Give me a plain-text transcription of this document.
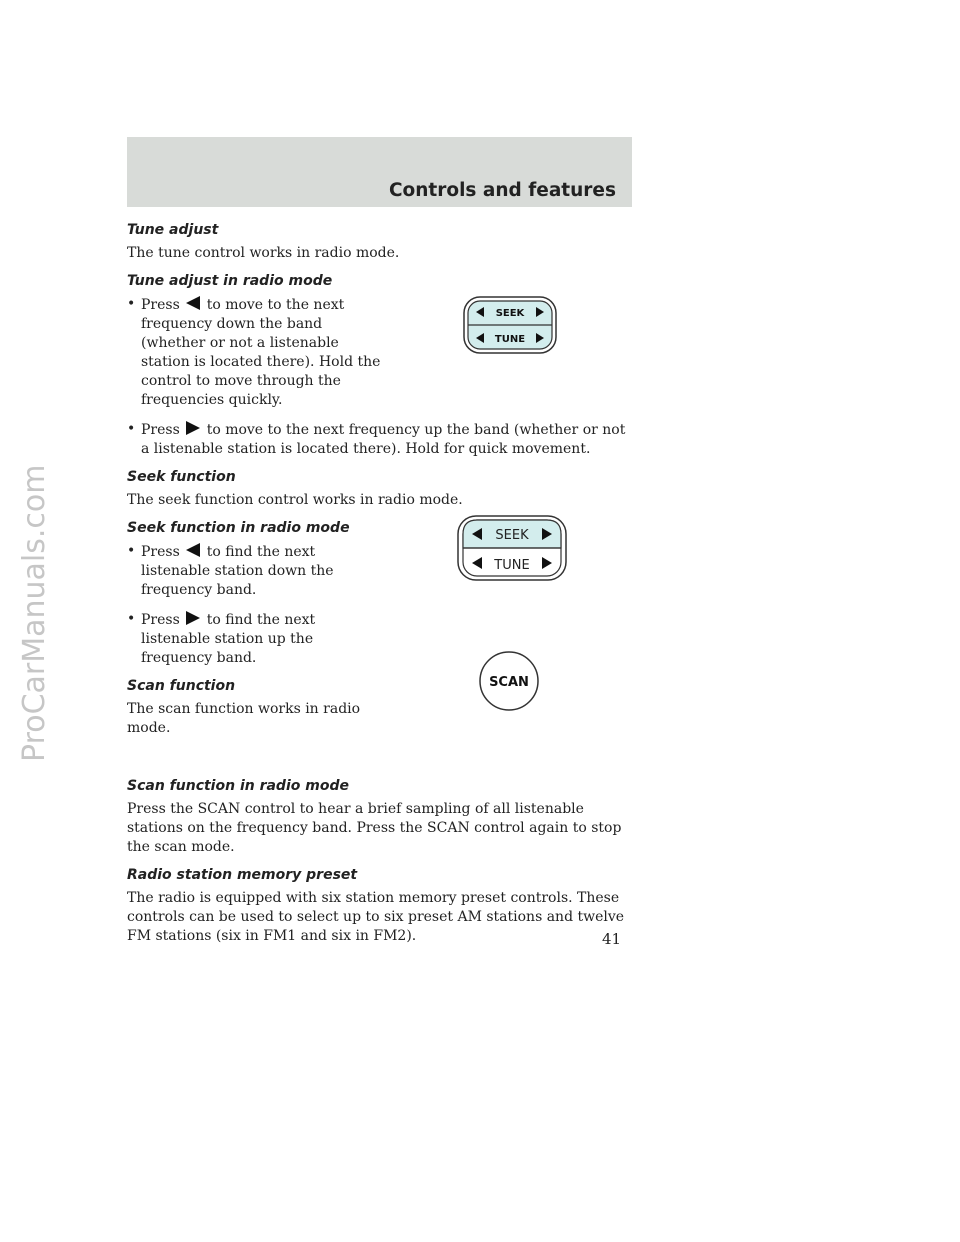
ProCarManuals.com
Controls and features
Tune adjust

The tune control works in radio mode.

Tune adjust in radio mode
• Press to move to the next frequency down the band (whether or not a listenable station is located there). Hold the control to move through the frequencies quickly.
• Press to move to the next frequency up the band (whether or not a listenable station is located there). Hold for quick movement.
Seek function

The seek function control works in radio mode.

Seek function in radio mode
• Press to find the next listenable station down the frequency band.
• Press to find the next listenable station up the frequency band.
Scan function

The scan function works in radio mode.

Scan function in radio mode

Press the SCAN control to hear a brief sampling of all listenable stations on the frequency band. Press the SCAN control again to stop the scan mode.

Radio station memory preset

The radio is equipped with six station memory preset controls. These controls can be used to select up to six preset AM stations and twelve FM stations (six in FM1 and six in FM2).

SEEK
TUNE
SEEK
TUNE
SCAN
41
